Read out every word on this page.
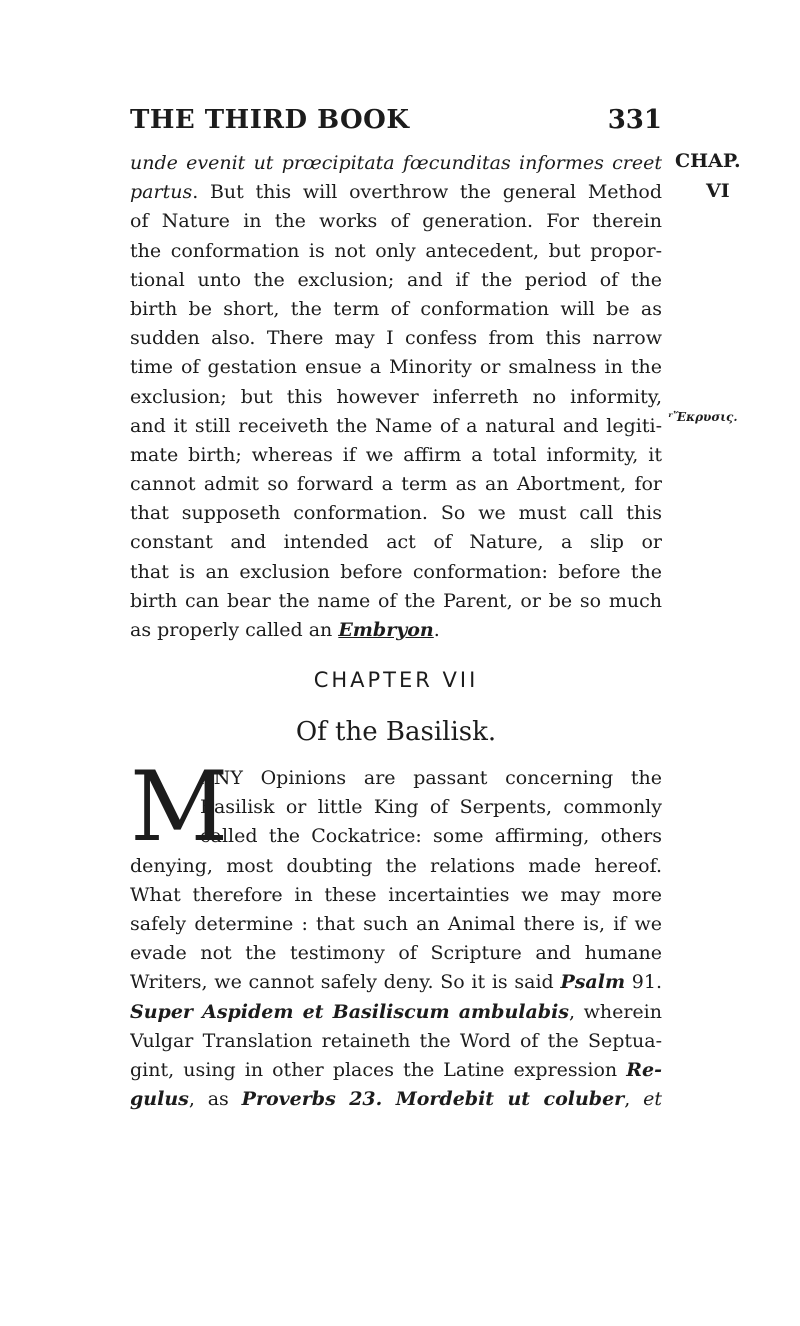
THE THIRD BOOK	331
CHAP.
VI
ʳἜκρυσις.
unde evenit ut prœcipitata fœcunditas informes creet
partus. But this will overthrow the general Method
of Nature in the works of generation. For therein
the conformation is not only antecedent, but propor-
tional unto the exclusion; and if the period of the
birth be short, the term of conformation will be as
sudden also. There may I confess from this narrow
time of gestation ensue a Minority or smalness in the
exclusion; but this however inferreth no informity,
and it still receiveth the Name of a natural and legiti-
mate birth; whereas if we affirm a total informity, it
cannot admit so forward a term as an Abortment, for
that supposeth conformation. So we must call this
constant and intended act of Nature, a slip or
that is an exclusion before conformation: before the
birth can bear the name of the Parent, or be so much
as properly called an Embryon.
CHAPTER VII
Of the Basilisk.
M
ANY Opinions are passant concerning the
Basilisk or little King of Serpents, commonly
called the Cockatrice: some affirming, others
denying, most doubting the relations made hereof.
What therefore in these incertainties we may more
safely determine : that such an Animal there is, if we
evade not the testimony of Scripture and humane
Writers, we cannot safely deny. So it is said Psalm 91.
Super Aspidem et Basiliscum ambulabis, wherein
Vulgar Translation retaineth the Word of the Septua-
gint, using in other places the Latine expression Re-
gulus, as Proverbs 23. Mordebit ut coluber, et
